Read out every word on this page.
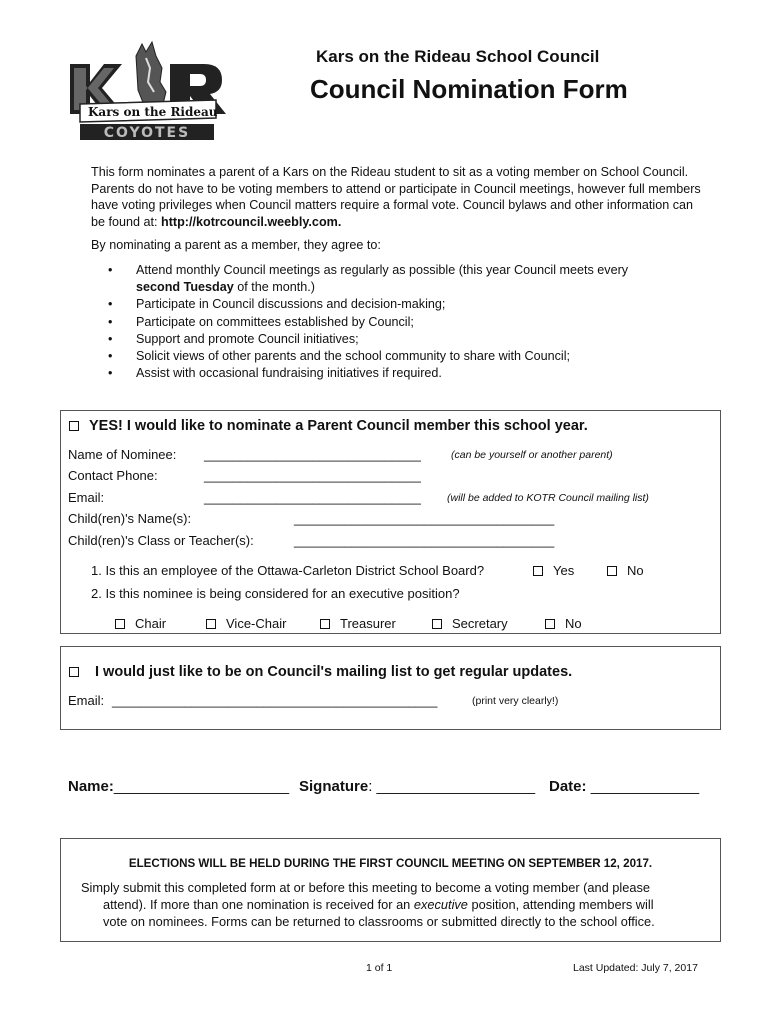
Kars on the Rideau
COYOTES
Kars on the Rideau School Council
Council Nomination Form
This form nominates a parent of a Kars on the Rideau student to sit as a voting member on School Council. Parents do not have to be voting members to attend or participate in Council meetings, however full members have voting privileges when Council matters require a formal vote. Council bylaws and other information can be found at: http://kotrcouncil.weebly.com.
By nominating a parent as a member, they agree to:
• Attend monthly Council meetings as regularly as possible (this year Council meets every
second Tuesday of the month.)
• Participate in Council discussions and decision-making;
• Participate on committees established by Council;
• Support and promote Council initiatives;
• Solicit views of other parents and the school community to share with Council;
• Assist with occasional fundraising initiatives if required.
YES! I would like to nominate a Parent Council member this school year.
Name of Nominee: ______________________________	(can be yourself or another parent)
Contact Phone:	______________________________
Email:	______________________________ (will be added to KOTR Council mailing list)
Child(ren)'s Name(s):	____________________________________
Child(ren)'s Class or Teacher(s):	____________________________________
1. Is this an employee of the Ottawa-Carleton District School Board?	Yes	No
2. Is this nominee is being considered for an executive position?
Chair	Vice-Chair	Treasurer	Secretary	No
I would just like to be on Council's mailing list to get regular updates.
Email: _____________________________________________	(print very clearly!)
Name:_____________________ Signature: ___________________ Date: _____________
ELECTIONS WILL BE HELD DURING THE FIRST COUNCIL MEETING ON SEPTEMBER 12, 2017.
Simply submit this completed form at or before this meeting to become a voting member (and please
attend). If more than one nomination is received for an executive position, attending members will
vote on nominees. Forms can be returned to classrooms or submitted directly to the school office.
1 of 1	Last Updated: July 7, 2017
